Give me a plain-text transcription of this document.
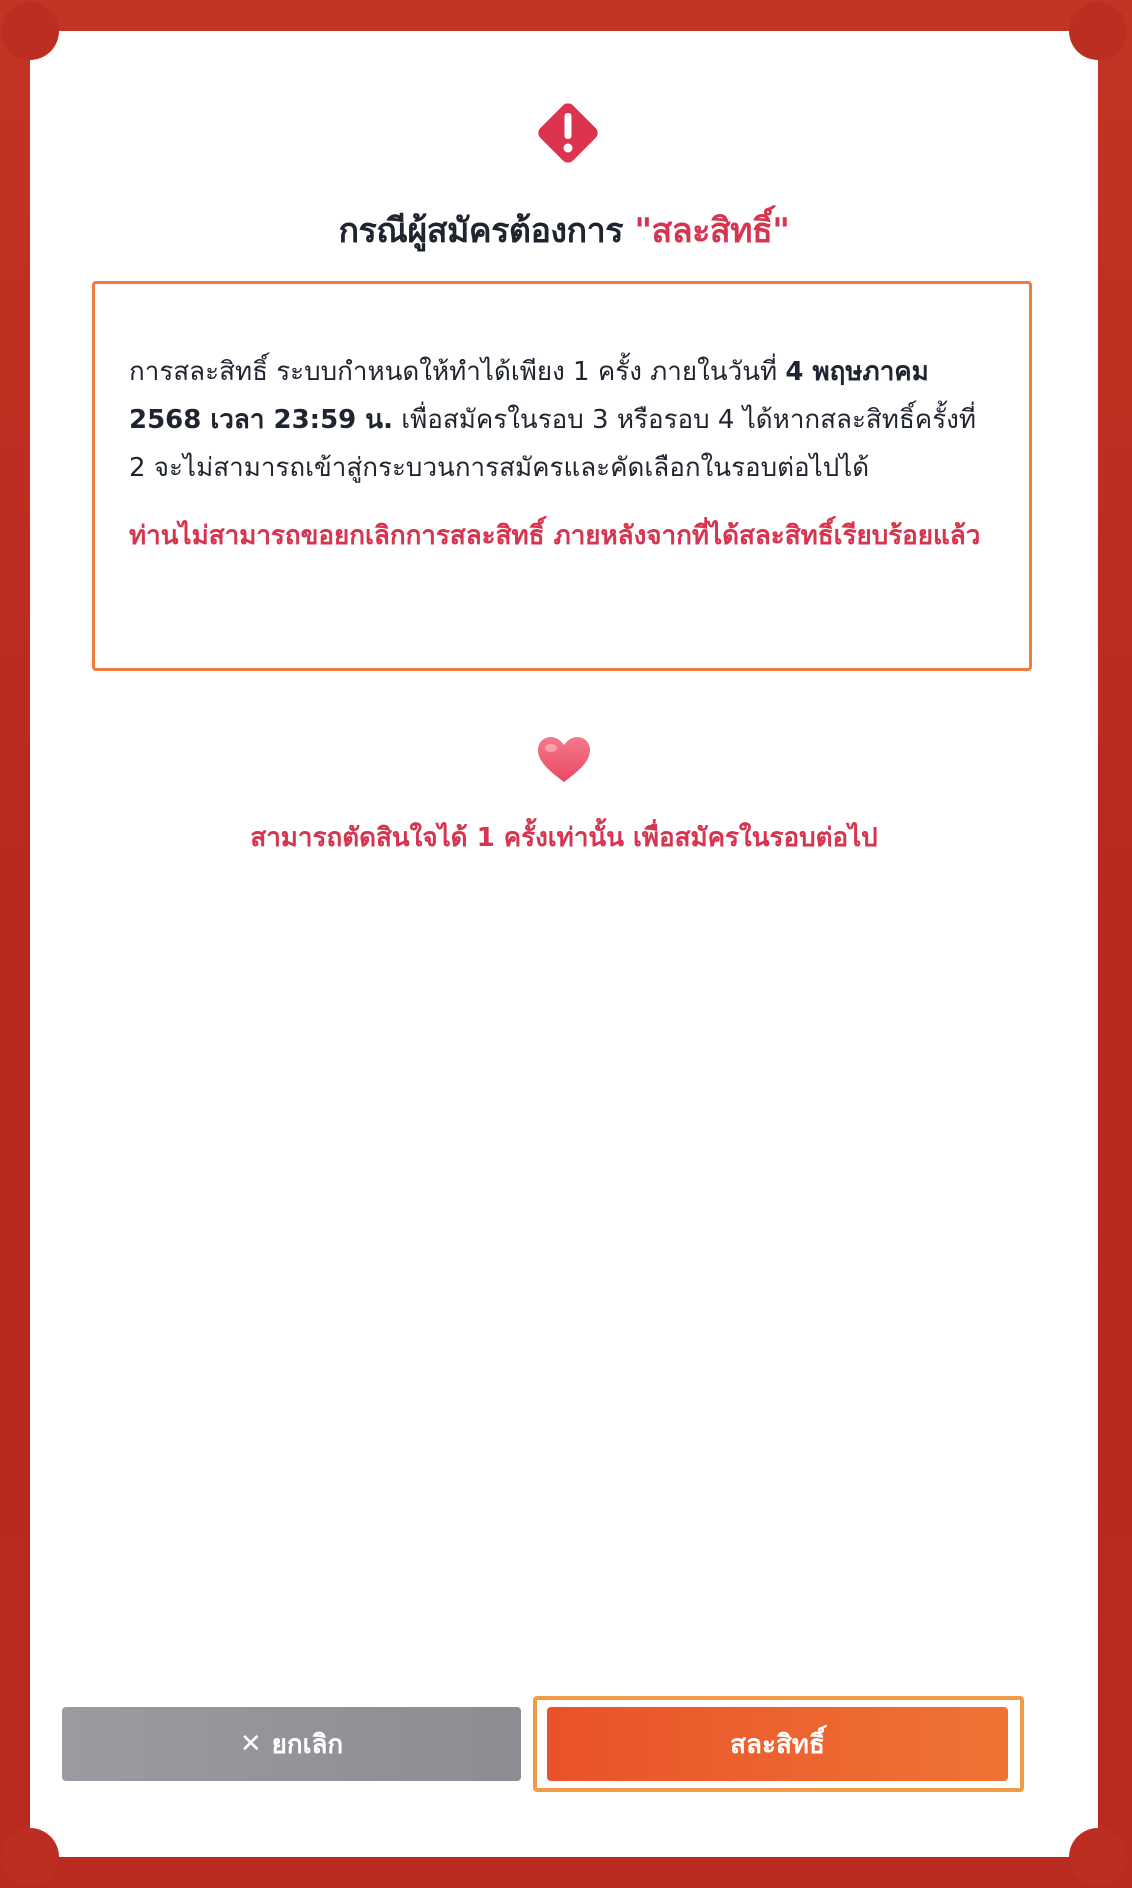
กรณีผู้สมัครต้องการ "สละสิทธิ์"

การสละสิทธิ์ ระบบกำหนดให้ทำได้เพียง 1 ครั้ง ภายในวันที่ 4 พฤษภาคม 2568 เวลา 23:59 น. เพื่อสมัครในรอบ 3 หรือรอบ 4 ได้หากสละสิทธิ์ครั้งที่ 2 จะไม่สามารถเข้าสู่กระบวนการสมัครและคัดเลือกในรอบต่อไปได้

ท่านไม่สามารถขอยกเลิกการสละสิทธิ์ ภายหลังจากที่ได้สละสิทธิ์เรียบร้อยแล้ว

สามารถตัดสินใจได้ 1 ครั้งเท่านั้น เพื่อสมัครในรอบต่อไป
✕ ยกเลิก	สละสิทธิ์
